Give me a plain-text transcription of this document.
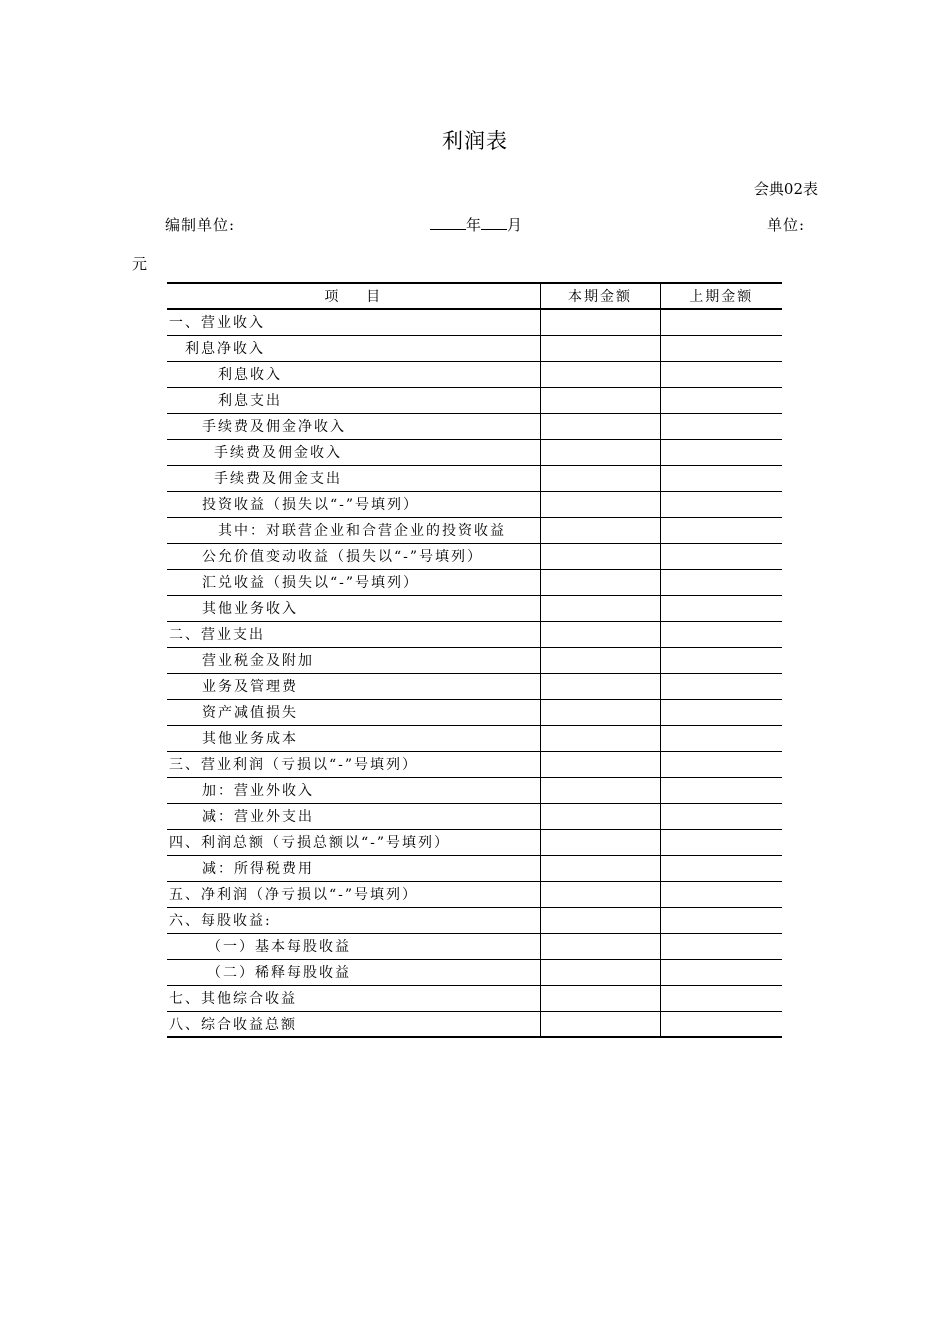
利润表
会典02表
编制单位:	年 月	单位:
元
项    目	本期金额	上期金额
一、营业收入		
利息净收入		
利息收入		
利息支出		
手续费及佣金净收入		
手续费及佣金收入		
手续费及佣金支出		
投资收益（损失以“-”号填列）		
其中：对联营企业和合营企业的投资收益		
公允价值变动收益（损失以“-”号填列）		
汇兑收益（损失以“-”号填列）		
其他业务收入		
二、营业支出		
营业税金及附加		
业务及管理费		
资产减值损失		
其他业务成本		
三、营业利润（亏损以“-”号填列）		
加：营业外收入		
减：营业外支出		
四、利润总额（亏损总额以“-”号填列）		
减：所得税费用		
五、净利润（净亏损以“-”号填列）		
六、每股收益:		
（一）基本每股收益		
（二）稀释每股收益		
七、其他综合收益		
八、综合收益总额		
